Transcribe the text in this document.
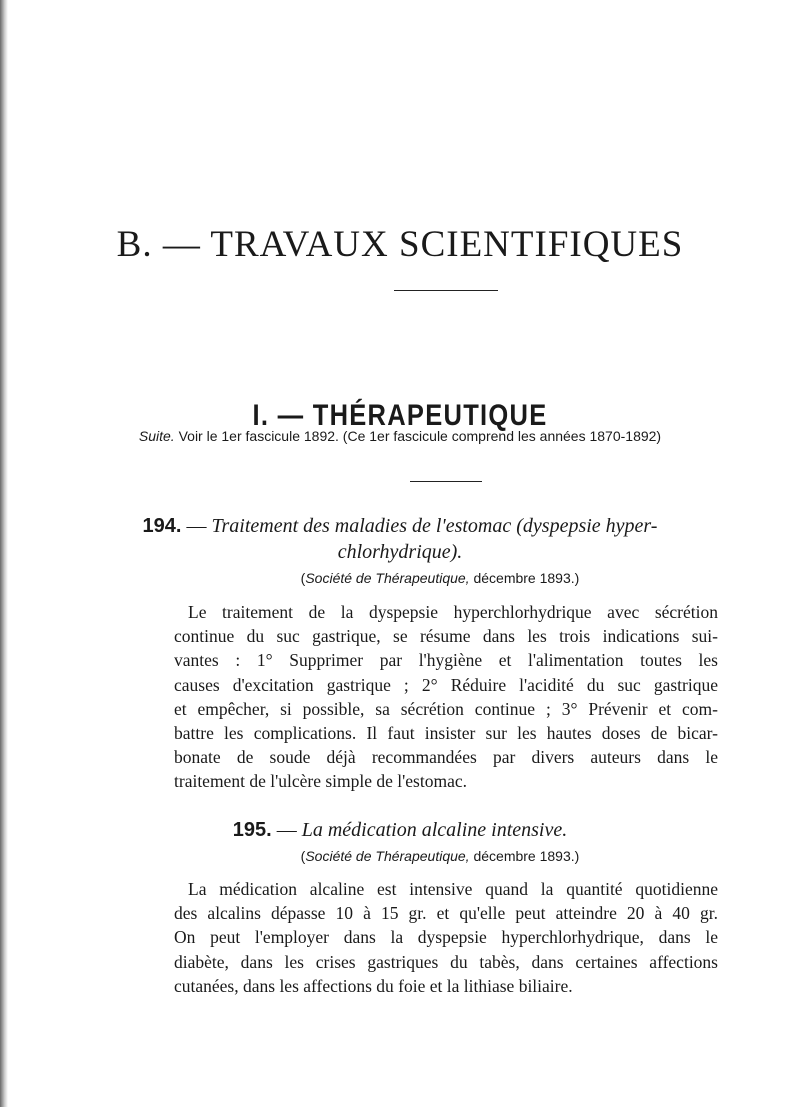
B. — TRAVAUX SCIENTIFIQUES
I. — THÉRAPEUTIQUE
Suite. Voir le 1er fascicule 1892. (Ce 1er fascicule comprend les années 1870-1892)
194. — Traitement des maladies de l'estomac (dyspepsie hyper-
chlorhydrique).
(Société de Thérapeutique, décembre 1893.)
Le traitement de la dyspepsie hyperchlorhydrique avec sécrétion
continue du suc gastrique, se résume dans les trois indications sui-
vantes : 1° Supprimer par l'hygiène et l'alimentation toutes les
causes d'excitation gastrique ; 2° Réduire l'acidité du suc gastrique
et empêcher, si possible, sa sécrétion continue ; 3° Prévenir et com-
battre les complications. Il faut insister sur les hautes doses de bicar-
bonate de soude déjà recommandées par divers auteurs dans le
traitement de l'ulcère simple de l'estomac.
195. — La médication alcaline intensive.
(Société de Thérapeutique, décembre 1893.)
La médication alcaline est intensive quand la quantité quotidienne
des alcalins dépasse 10 à 15 gr. et qu'elle peut atteindre 20 à 40 gr.
On peut l'employer dans la dyspepsie hyperchlorhydrique, dans le
diabète, dans les crises gastriques du tabès, dans certaines affections
cutanées, dans les affections du foie et la lithiase biliaire.
